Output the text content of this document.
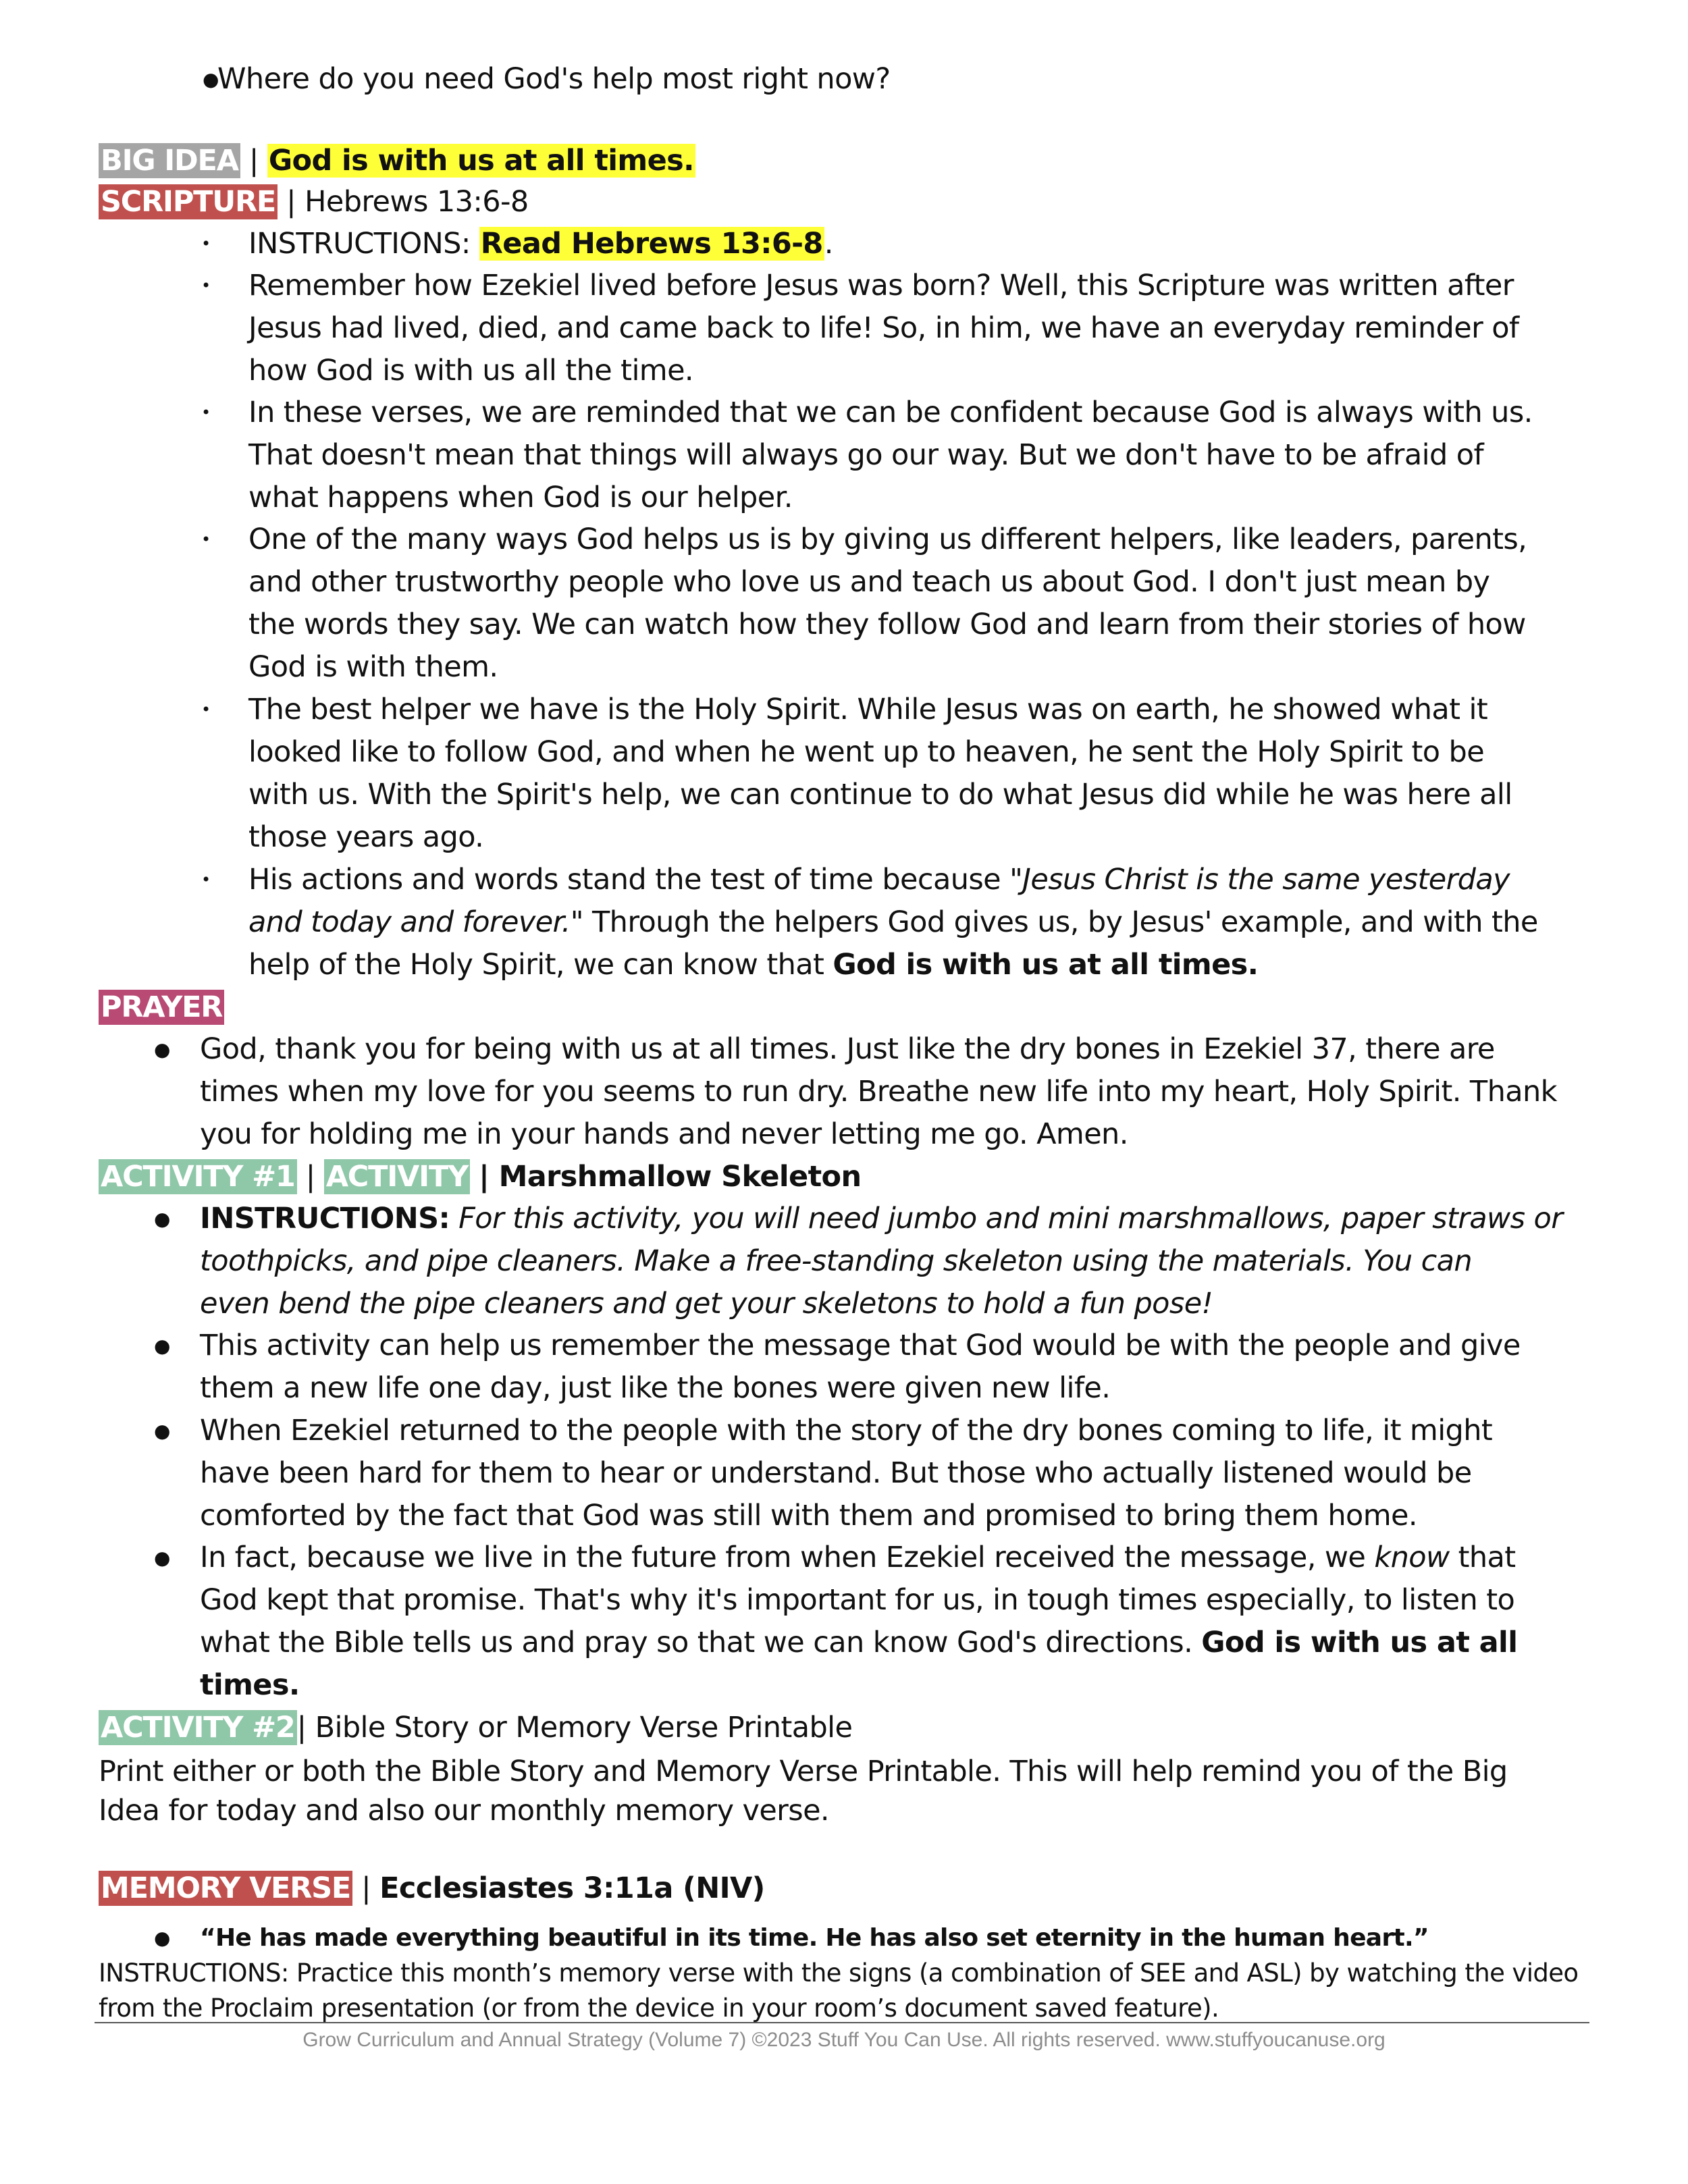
●
Where do you need God's help most right now?
BIG IDEA | God is with us at all times.
SCRIPTURE | Hebrews 13:6-8
• INSTRUCTIONS: Read Hebrews 13:6-8.
• Remember how Ezekiel lived before Jesus was born? Well, this Scripture was written after
Jesus had lived, died, and came back to life! So, in him, we have an everyday reminder of
how God is with us all the time.
• In these verses, we are reminded that we can be confident because God is always with us.
That doesn't mean that things will always go our way. But we don't have to be afraid of
what happens when God is our helper.
• One of the many ways God helps us is by giving us different helpers, like leaders, parents,
and other trustworthy people who love us and teach us about God. I don't just mean by
the words they say. We can watch how they follow God and learn from their stories of how
God is with them.
• The best helper we have is the Holy Spirit. While Jesus was on earth, he showed what it
looked like to follow God, and when he went up to heaven, he sent the Holy Spirit to be
with us. With the Spirit's help, we can continue to do what Jesus did while he was here all
those years ago.
• His actions and words stand the test of time because "Jesus Christ is the same yesterday
and today and forever." Through the helpers God gives us, by Jesus' example, and with the
help of the Holy Spirit, we can know that God is with us at all times.
PRAYER
● God, thank you for being with us at all times. Just like the dry bones in Ezekiel 37, there are
times when my love for you seems to run dry. Breathe new life into my heart, Holy Spirit. Thank
you for holding me in your hands and never letting me go. Amen.
ACTIVITY #1 | ACTIVITY | Marshmallow Skeleton
● INSTRUCTIONS: For this activity, you will need jumbo and mini marshmallows, paper straws or
toothpicks, and pipe cleaners. Make a free-standing skeleton using the materials. You can
even bend the pipe cleaners and get your skeletons to hold a fun pose!
● This activity can help us remember the message that God would be with the people and give
them a new life one day, just like the bones were given new life.
● When Ezekiel returned to the people with the story of the dry bones coming to life, it might
have been hard for them to hear or understand. But those who actually listened would be
comforted by the fact that God was still with them and promised to bring them home.
● In fact, because we live in the future from when Ezekiel received the message, we know that
God kept that promise. That's why it's important for us, in tough times especially, to listen to
what the Bible tells us and pray so that we can know God's directions. God is with us at all
times.
ACTIVITY #2| Bible Story or Memory Verse Printable
Print either or both the Bible Story and Memory Verse Printable. This will help remind you of the Big
Idea for today and also our monthly memory verse.
MEMORY VERSE | Ecclesiastes 3:11a (NIV)
● “He has made everything beautiful in its time. He has also set eternity in the human heart.”
INSTRUCTIONS: Practice this month’s memory verse with the signs (a combination of SEE and ASL) by watching the video
from the Proclaim presentation (or from the device in your room’s document saved feature).
Grow Curriculum and Annual Strategy (Volume 7) ©2023 Stuff You Can Use. All rights reserved. www.stuffyoucanuse.org
